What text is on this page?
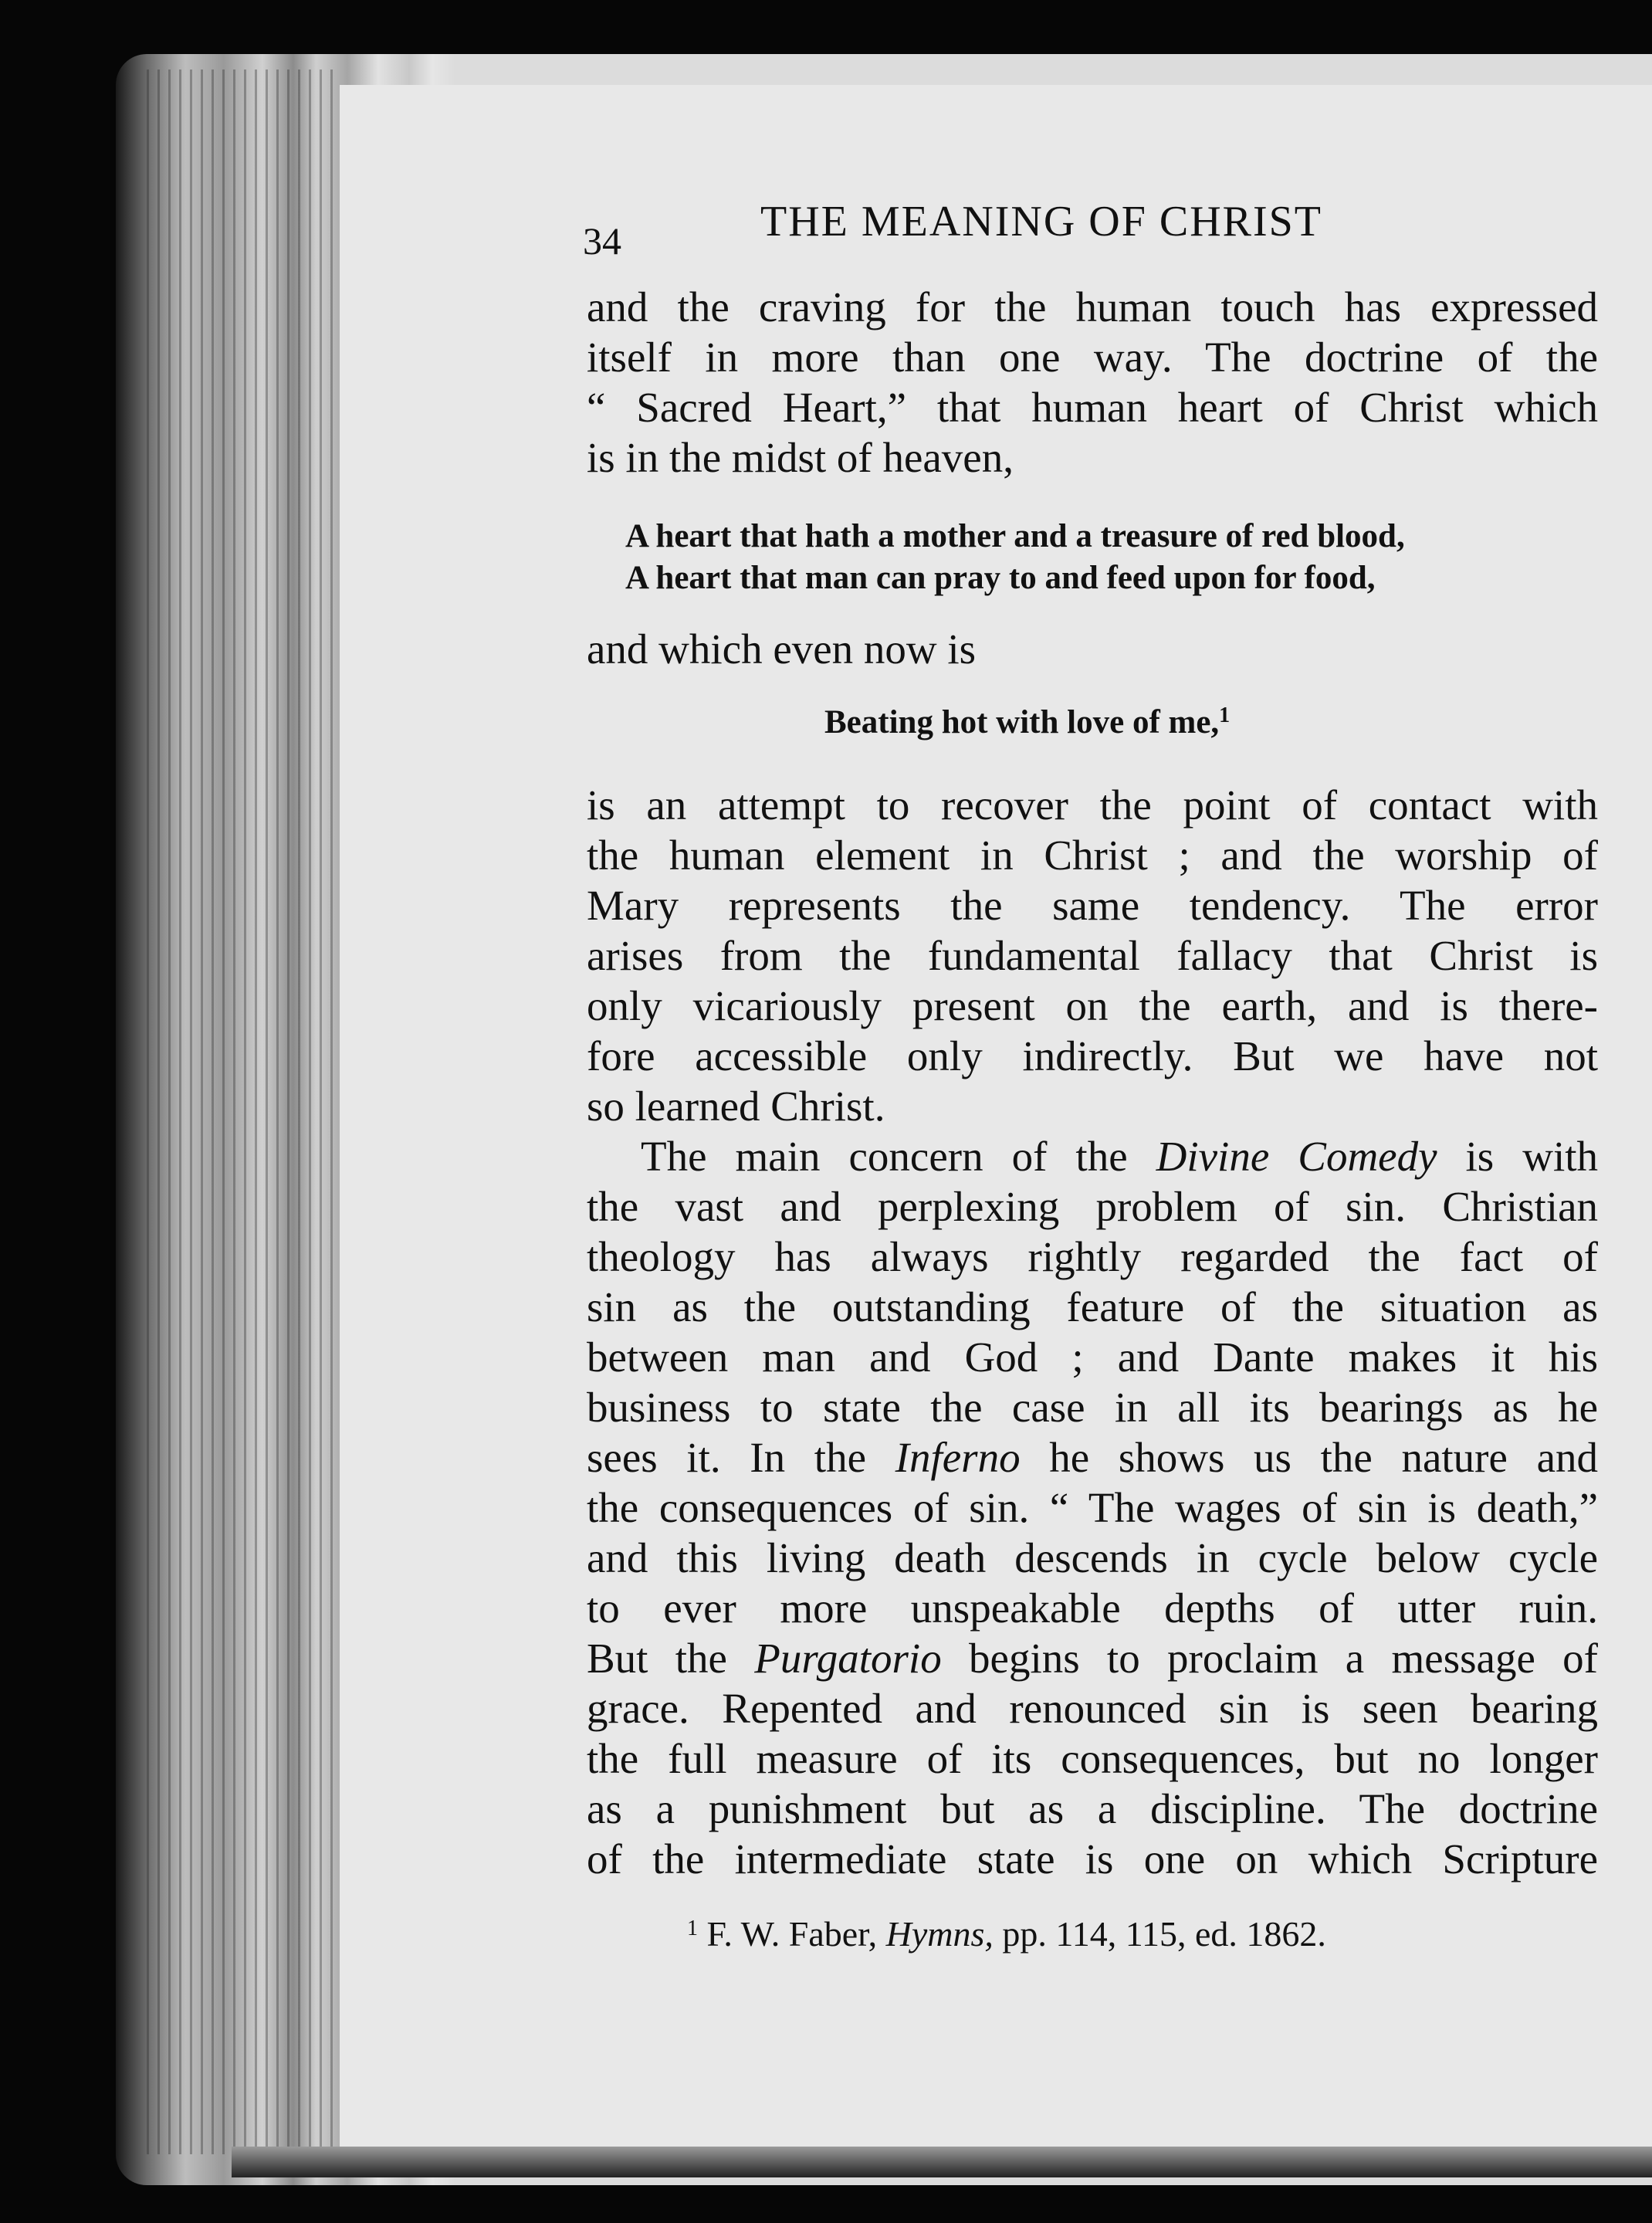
34	THE MEANING OF CHRIST
and the craving for the human touch has expressed
itself in more than one way. The doctrine of the
“ Sacred Heart,” that human heart of Christ which
is in the midst of heaven,
A heart that hath a mother and a treasure of red blood,
A heart that man can pray to and feed upon for food,
and which even now is
Beating hot with love of me,$^1$
is an attempt to recover the point of contact with
the human element in Christ ; and the worship of
Mary represents the same tendency. The error
arises from the fundamental fallacy that Christ is
only vicariously present on the earth, and is there-
fore accessible only indirectly. But we have not
so learned Christ.
The main concern of the Divine Comedy is with
the vast and perplexing problem of sin. Christian
theology has always rightly regarded the fact of
sin as the outstanding feature of the situation as
between man and God ; and Dante makes it his
business to state the case in all its bearings as he
sees it. In the Inferno he shows us the nature and
the consequences of sin. “ The wages of sin is death,”
and this living death descends in cycle below cycle
to ever more unspeakable depths of utter ruin.
But the Purgatorio begins to proclaim a message of
grace. Repented and renounced sin is seen bearing
the full measure of its consequences, but no longer
as a punishment but as a discipline. The doctrine
of the intermediate state is one on which Scripture
$^1$ F. W. Faber, Hymns, pp. 114, 115, ed. 1862.
